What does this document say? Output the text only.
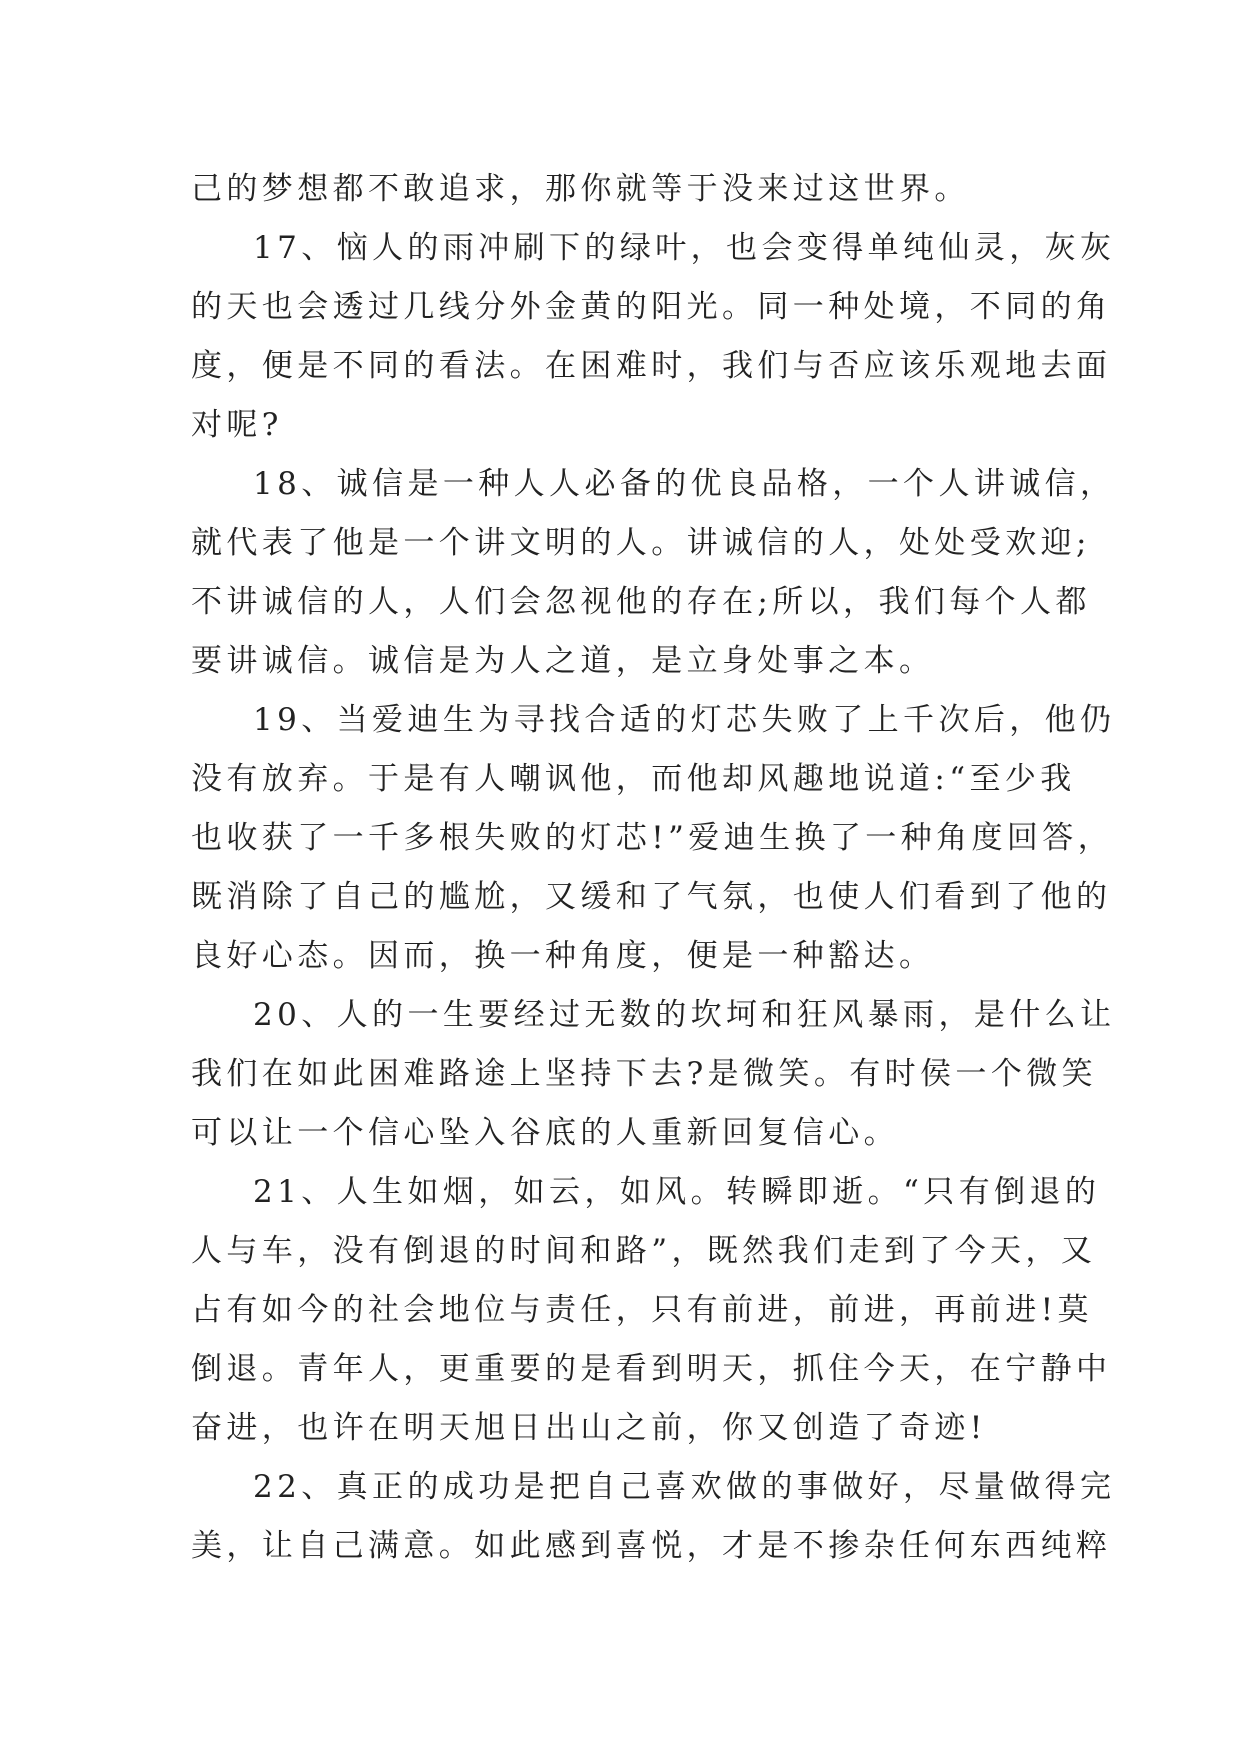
己的梦想都不敢追求，那你就等于没来过这世界。
17、恼人的雨冲刷下的绿叶，也会变得单纯仙灵，灰灰
的天也会透过几线分外金黄的阳光。同一种处境，不同的角
度，便是不同的看法。在困难时，我们与否应该乐观地去面
对呢?
18、诚信是一种人人必备的优良品格，一个人讲诚信，
就代表了他是一个讲文明的人。讲诚信的人，处处受欢迎;
不讲诚信的人，人们会忽视他的存在;所以，我们每个人都
要讲诚信。诚信是为人之道，是立身处事之本。
19、当爱迪生为寻找合适的灯芯失败了上千次后，他仍
没有放弃。于是有人嘲讽他，而他却风趣地说道:“至少我
也收获了一千多根失败的灯芯!”爱迪生换了一种角度回答，
既消除了自己的尴尬，又缓和了气氛，也使人们看到了他的
良好心态。因而，换一种角度，便是一种豁达。
20、人的一生要经过无数的坎坷和狂风暴雨，是什么让
我们在如此困难路途上坚持下去?是微笑。有时侯一个微笑
可以让一个信心坠入谷底的人重新回复信心。
21、人生如烟，如云，如风。转瞬即逝。“只有倒退的
人与车，没有倒退的时间和路”，既然我们走到了今天，又
占有如今的社会地位与责任，只有前进，前进，再前进!莫
倒退。青年人，更重要的是看到明天，抓住今天，在宁静中
奋进，也许在明天旭日出山之前，你又创造了奇迹!
22、真正的成功是把自己喜欢做的事做好，尽量做得完
美，让自己满意。如此感到喜悦，才是不掺杂任何东西纯粹
